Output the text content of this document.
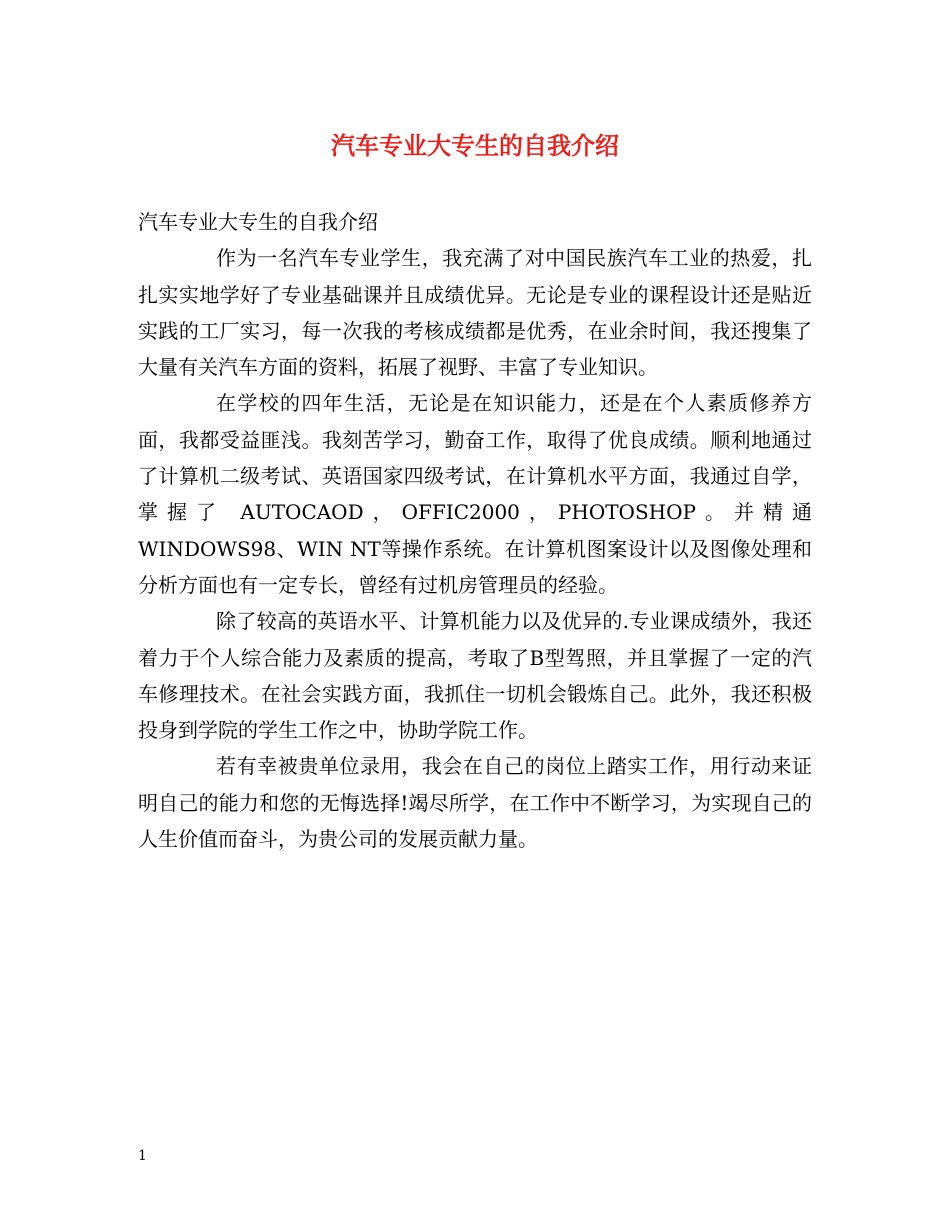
汽车专业大专生的自我介绍

汽车专业大专生的自我介绍

作为一名汽车专业学生，我充满了对中国民族汽车工业的热爱，扎扎实实地学好了专业基础课并且成绩优异。无论是专业的课程设计还是贴近实践的工厂实习，每一次我的考核成绩都是优秀，在业余时间，我还搜集了大量有关汽车方面的资料，拓展了视野、丰富了专业知识。

在学校的四年生活，无论是在知识能力，还是在个人素质修养方面，我都受益匪浅。我刻苦学习，勤奋工作，取得了优良成绩。顺利地通过了计算机二级考试、英语国家四级考试，在计算机水平方面，我通过自学，掌握了 AUTOCAOD，OFFIC2000，PHOTOSHOP。并精通WINDOWS98、WIN NT等操作系统。在计算机图案设计以及图像处理和分析方面也有一定专长，曾经有过机房管理员的经验。

除了较高的英语水平、计算机能力以及优异的.专业课成绩外，我还着力于个人综合能力及素质的提高，考取了B型驾照，并且掌握了一定的汽车修理技术。在社会实践方面，我抓住一切机会锻炼自己。此外，我还积极投身到学院的学生工作之中，协助学院工作。

若有幸被贵单位录用，我会在自己的岗位上踏实工作，用行动来证明自己的能力和您的无悔选择!竭尽所学，在工作中不断学习，为实现自己的人生价值而奋斗，为贵公司的发展贡献力量。

1
